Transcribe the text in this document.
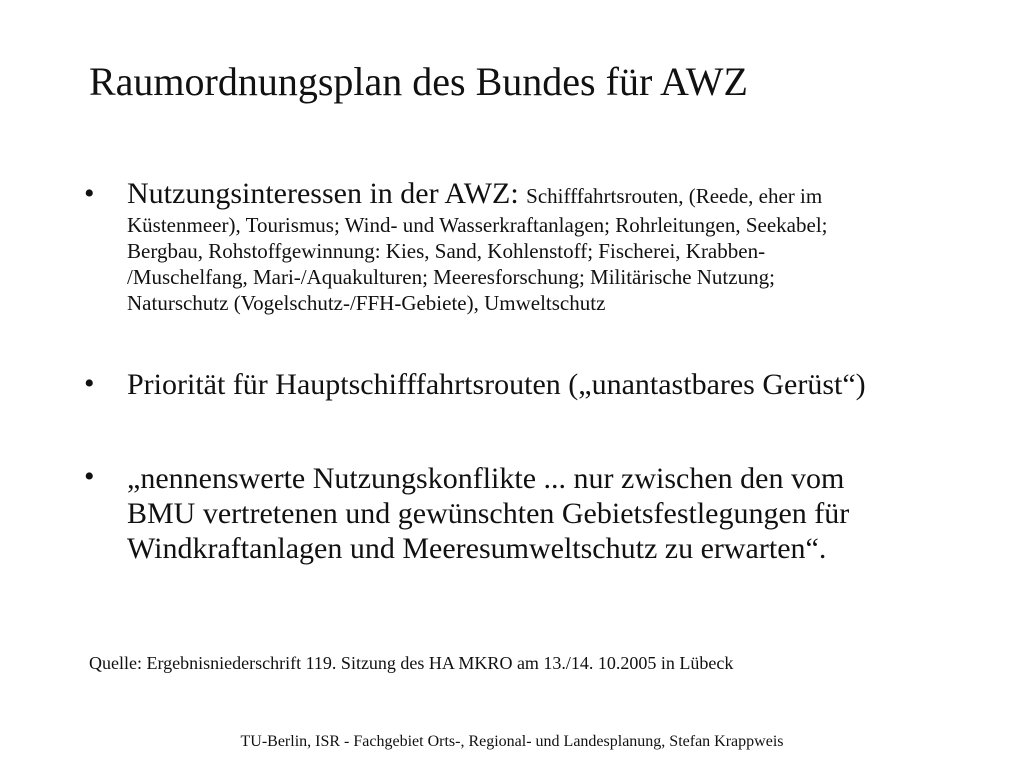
Raumordnungsplan des Bundes für AWZ
• Nutzungsinteressen in der AWZ: Schifffahrtsrouten, (Reede, eher im
Küstenmeer), Tourismus; Wind- und Wasserkraftanlagen; Rohrleitungen, Seekabel;
Bergbau, Rohstoffgewinnung: Kies, Sand, Kohlenstoff; Fischerei, Krabben-
/Muschelfang, Mari-/Aquakulturen; Meeresforschung; Militärische Nutzung;
Naturschutz (Vogelschutz-/FFH-Gebiete), Umweltschutz
• Priorität für Hauptschifffahrtsrouten („unantastbares Gerüst“)
• „nennenswerte Nutzungskonflikte ... nur zwischen den vom
BMU vertretenen und gewünschten Gebietsfestlegungen für
Windkraftanlagen und Meeresumweltschutz zu erwarten“.

Quelle: Ergebnisniederschrift 119. Sitzung des HA MKRO am 13./14. 10.2005 in Lübeck

TU-Berlin, ISR - Fachgebiet Orts-, Regional- und Landesplanung, Stefan Krappweis
